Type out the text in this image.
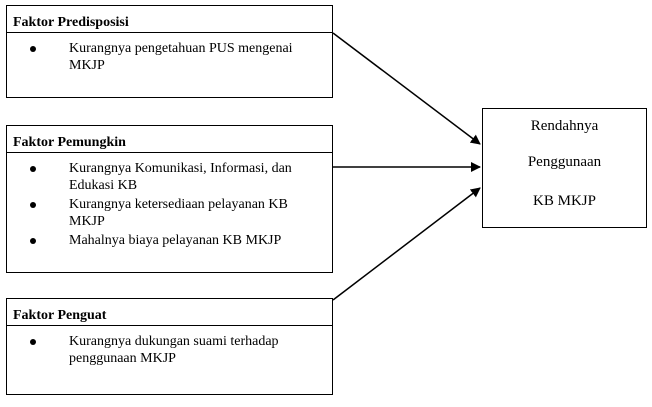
Faktor Predisposisi
Kurangnya pengetahuan PUS mengenai MKJP
Faktor Pemungkin
Kurangnya Komunikasi, Informasi, dan Edukasi KB
Kurangnya ketersediaan pelayanan KB MKJP
Mahalnya biaya pelayanan KB MKJP
Faktor Penguat
Kurangnya dukungan suami terhadap penggunaan MKJP
Rendahnya
Penggunaan
KB MKJP
